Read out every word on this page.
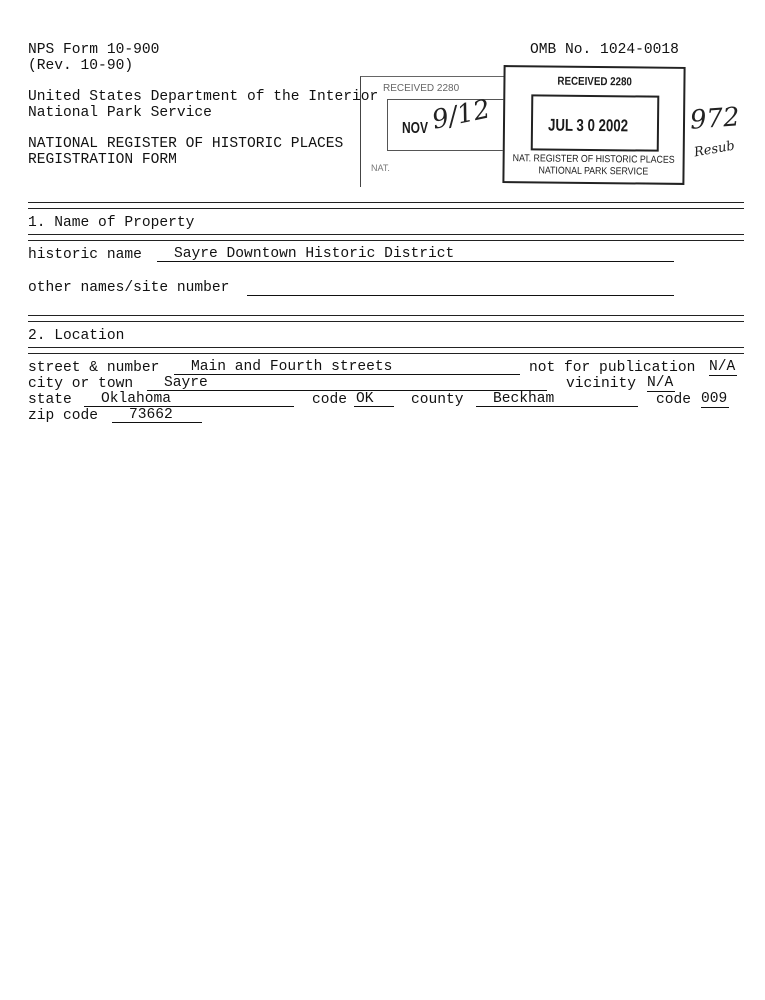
NPS Form 10-900
(Rev. 10-90)
OMB No. 1024-0018
United States Department of the Interior
National Park Service
NATIONAL REGISTER OF HISTORIC PLACES
REGISTRATION FORM
RECEIVED 2280
NOV
NAT.
RECEIVED 2280
JUL 3 0 2002
NAT. REGISTER OF HISTORIC PLACES
NATIONAL PARK SERVICE
9/12	972
Resub
1. Name of Property
historic name	Sayre Downtown Historic District
other names/site number
2. Location
street & number	Main and Fourth streets	not for publication N/A
city or town	Sayre	vicinity N/A
state	Oklahoma	code OK	county	Beckham	code 009
zip code	73662
